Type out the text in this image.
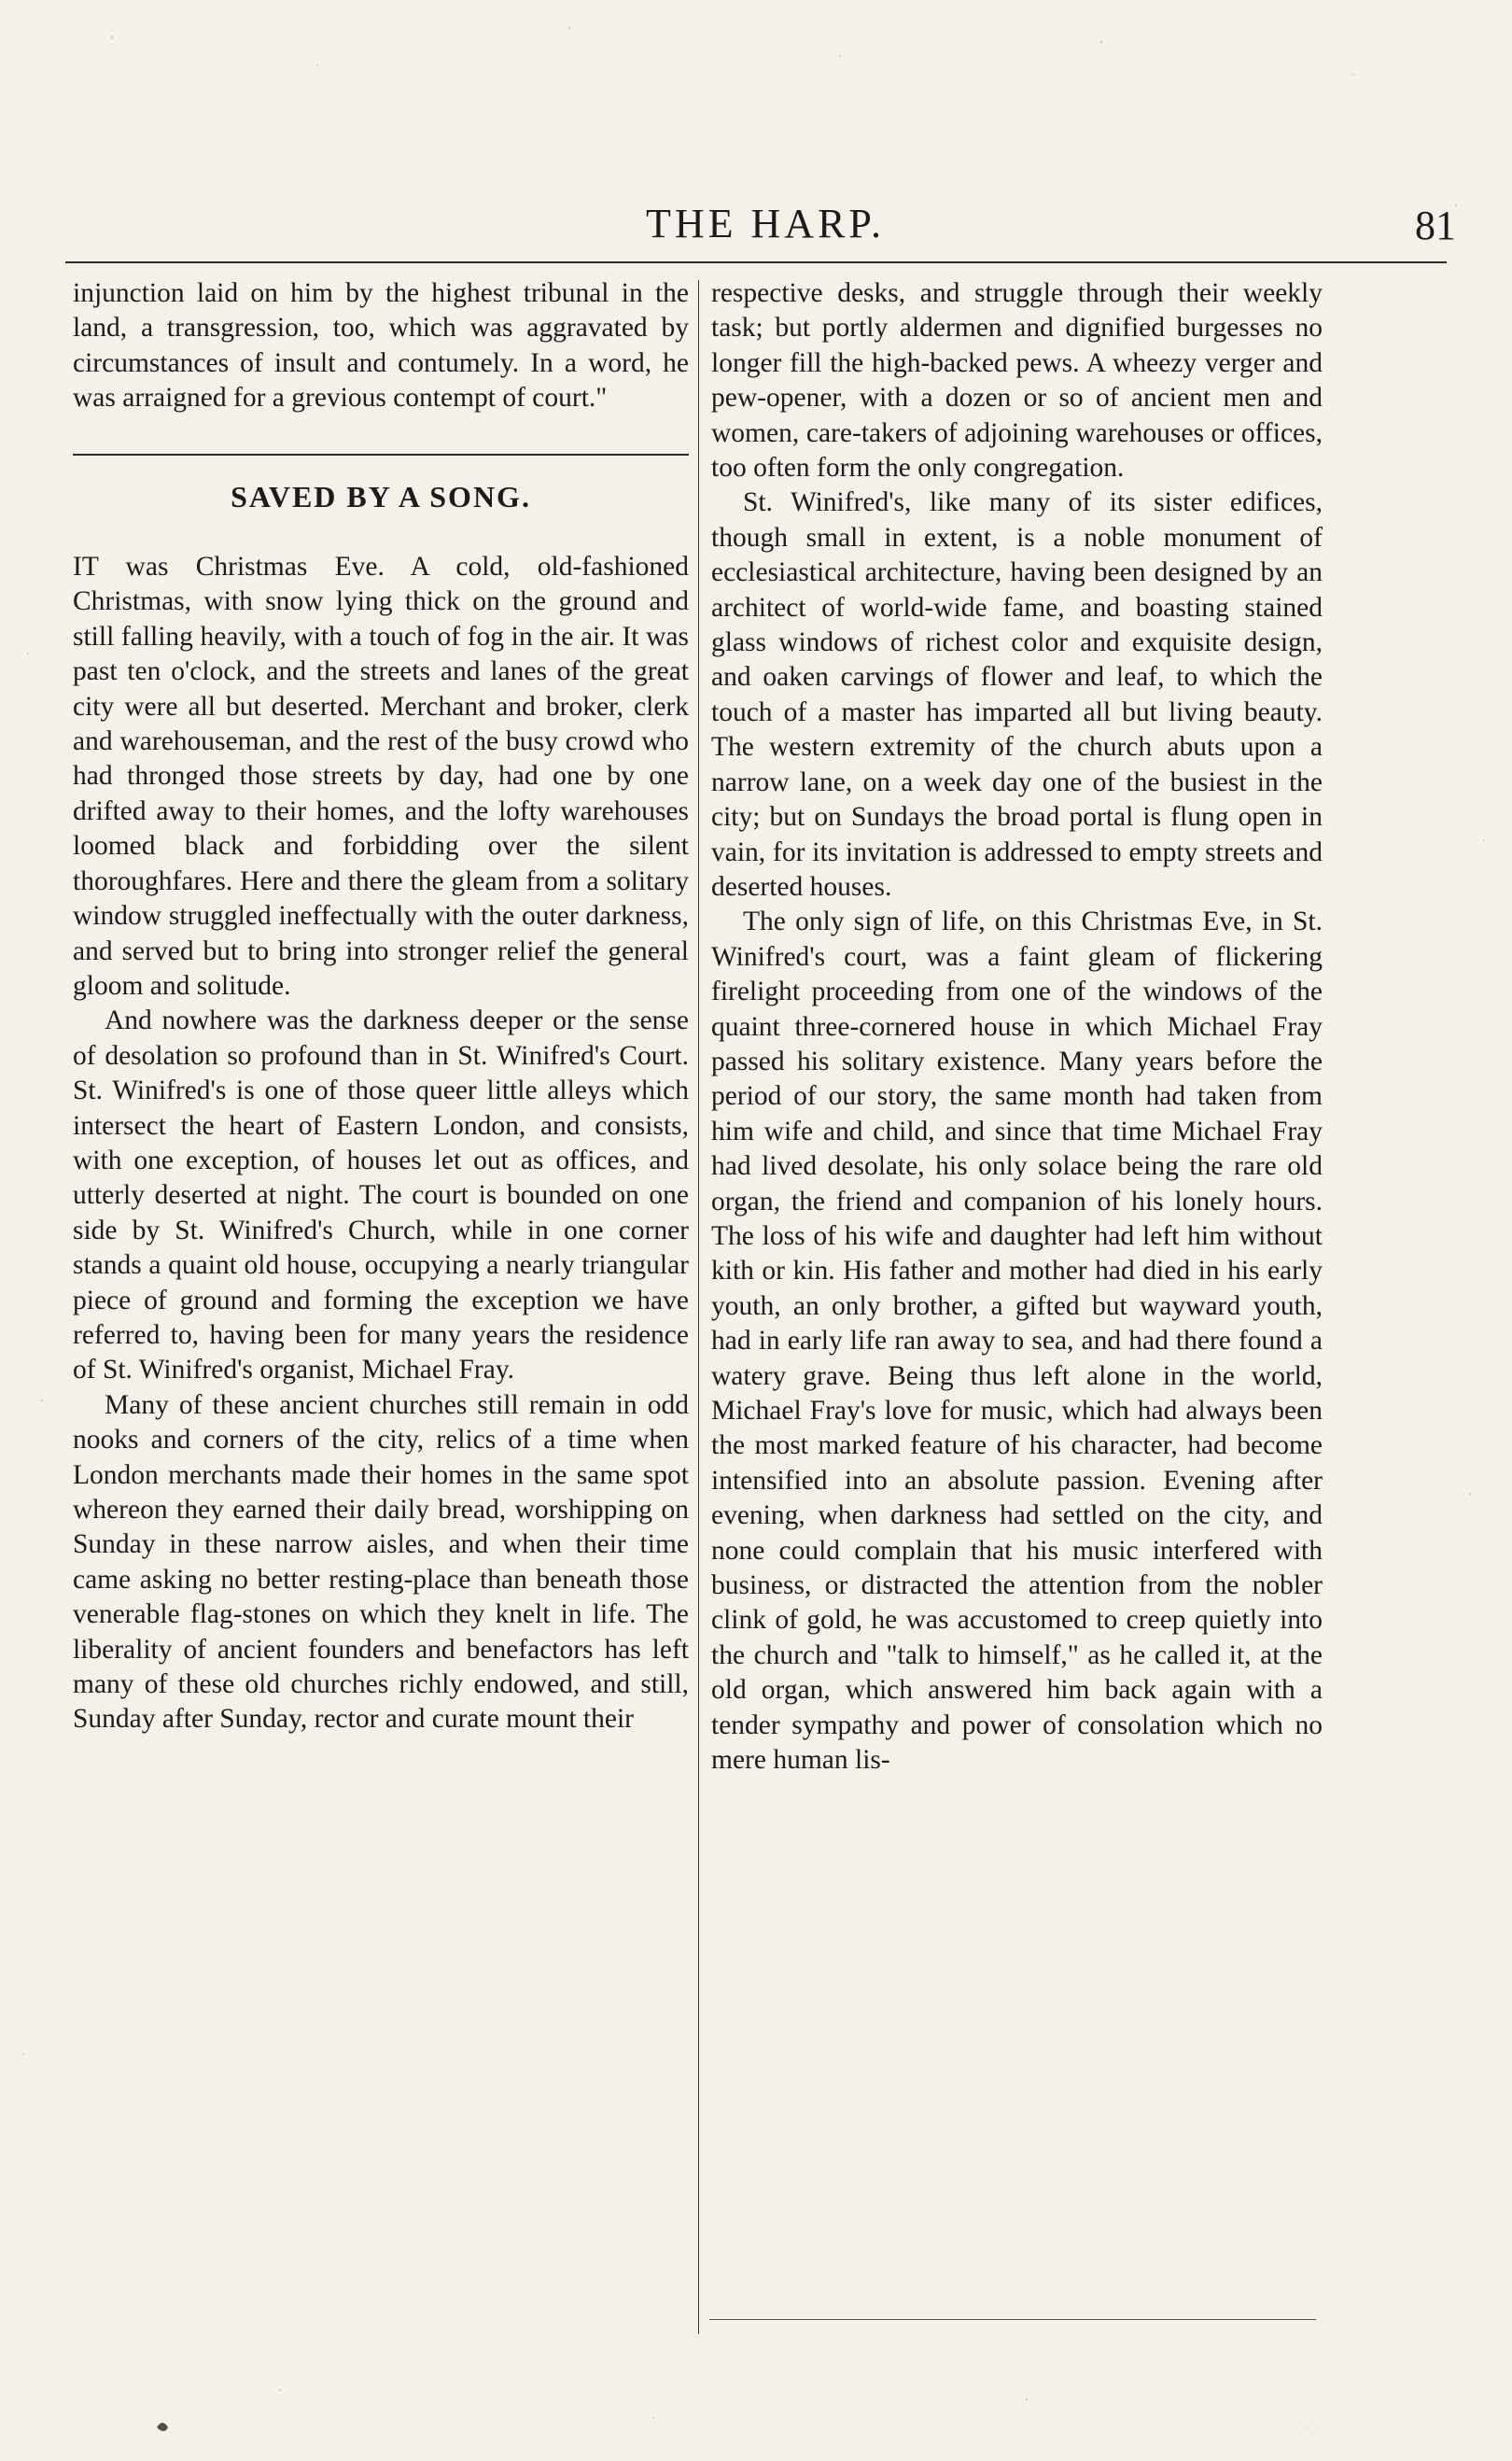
THE HARP.	81

injunction laid on him by the highest tribunal in the land, a transgression, too, which was aggravated by circumstances of insult and contumely. In a word, he was arraigned for a grevious contempt of court."

SAVED BY A SONG.

IT was Christmas Eve. A cold, old-fashioned Christmas, with snow lying thick on the ground and still falling heavily, with a touch of fog in the air. It was past ten o'clock, and the streets and lanes of the great city were all but deserted. Merchant and broker, clerk and warehouseman, and the rest of the busy crowd who had thronged those streets by day, had one by one drifted away to their homes, and the lofty warehouses loomed black and forbidding over the silent thoroughfares. Here and there the gleam from a solitary window struggled ineffectually with the outer darkness, and served but to bring into stronger relief the general gloom and solitude.

And nowhere was the darkness deeper or the sense of desolation so profound than in St. Winifred's Court. St. Winifred's is one of those queer little alleys which intersect the heart of Eastern London, and consists, with one exception, of houses let out as offices, and utterly deserted at night. The court is bounded on one side by St. Winifred's Church, while in one corner stands a quaint old house, occupying a nearly triangular piece of ground and forming the exception we have referred to, having been for many years the residence of St. Winifred's organist, Michael Fray.

Many of these ancient churches still remain in odd nooks and corners of the city, relics of a time when London merchants made their homes in the same spot whereon they earned their daily bread, worshipping on Sunday in these narrow aisles, and when their time came asking no better resting-place than beneath those venerable flag-stones on which they knelt in life. The liberality of ancient founders and benefactors has left many of these old churches richly endowed, and still, Sunday after Sunday, rector and curate mount their

respective desks, and struggle through their weekly task; but portly aldermen and dignified burgesses no longer fill the high-backed pews. A wheezy verger and pew-opener, with a dozen or so of ancient men and women, care-takers of adjoining warehouses or offices, too often form the only congregation.

St. Winifred's, like many of its sister edifices, though small in extent, is a noble monument of ecclesiastical architecture, having been designed by an architect of world-wide fame, and boasting stained glass windows of richest color and exquisite design, and oaken carvings of flower and leaf, to which the touch of a master has imparted all but living beauty. The western extremity of the church abuts upon a narrow lane, on a week day one of the busiest in the city; but on Sundays the broad portal is flung open in vain, for its invitation is addressed to empty streets and deserted houses.

The only sign of life, on this Christmas Eve, in St. Winifred's court, was a faint gleam of flickering firelight proceeding from one of the windows of the quaint three-cornered house in which Michael Fray passed his solitary existence. Many years before the period of our story, the same month had taken from him wife and child, and since that time Michael Fray had lived desolate, his only solace being the rare old organ, the friend and companion of his lonely hours. The loss of his wife and daughter had left him without kith or kin. His father and mother had died in his early youth, an only brother, a gifted but wayward youth, had in early life ran away to sea, and had there found a watery grave. Being thus left alone in the world, Michael Fray's love for music, which had always been the most marked feature of his character, had become intensified into an absolute passion. Evening after evening, when darkness had settled on the city, and none could complain that his music interfered with business, or distracted the attention from the nobler clink of gold, he was accustomed to creep quietly into the church and "talk to himself," as he called it, at the old organ, which answered him back again with a tender sympathy and power of consolation which no mere human lis-
